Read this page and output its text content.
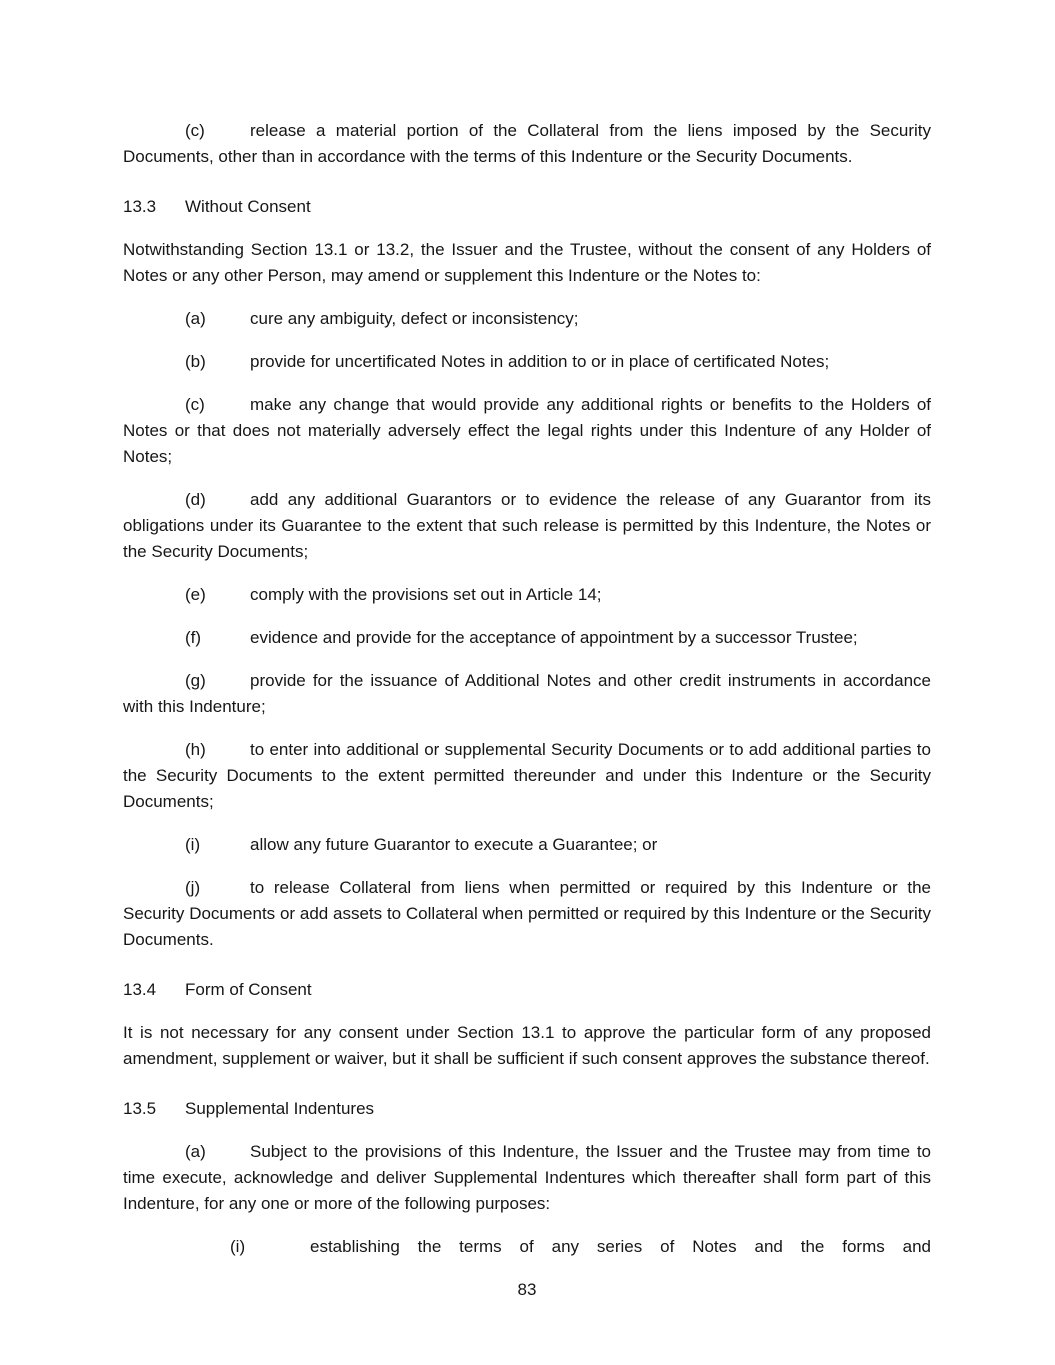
(c)	release a material portion of the Collateral from the liens imposed by the Security Documents, other than in accordance with the terms of this Indenture or the Security Documents.

13.3 Without Consent

Notwithstanding Section 13.1 or 13.2, the Issuer and the Trustee, without the consent of any Holders of Notes or any other Person, may amend or supplement this Indenture or the Notes to:

(a)	cure any ambiguity, defect or inconsistency;

(b)	provide for uncertificated Notes in addition to or in place of certificated Notes;

(c)	make any change that would provide any additional rights or benefits to the Holders of Notes or that does not materially adversely effect the legal rights under this Indenture of any Holder of Notes;

(d)	add any additional Guarantors or to evidence the release of any Guarantor from its obligations under its Guarantee to the extent that such release is permitted by this Indenture, the Notes or the Security Documents;

(e)	comply with the provisions set out in Article 14;

(f)	evidence and provide for the acceptance of appointment by a successor Trustee;

(g)	provide for the issuance of Additional Notes and other credit instruments in accordance with this Indenture;

(h)	to enter into additional or supplemental Security Documents or to add additional parties to the Security Documents to the extent permitted thereunder and under this Indenture or the Security Documents;

(i)	allow any future Guarantor to execute a Guarantee; or

(j)	to release Collateral from liens when permitted or required by this Indenture or the Security Documents or add assets to Collateral when permitted or required by this Indenture or the Security Documents.

13.4 Form of Consent

It is not necessary for any consent under Section 13.1 to approve the particular form of any proposed amendment, supplement or waiver, but it shall be sufficient if such consent approves the substance thereof.

13.5 Supplemental Indentures

(a)	Subject to the provisions of this Indenture, the Issuer and the Trustee may from time to time execute, acknowledge and deliver Supplemental Indentures which thereafter shall form part of this Indenture, for any one or more of the following purposes:

(i)	establishing the terms of any series of Notes and the forms and

83
